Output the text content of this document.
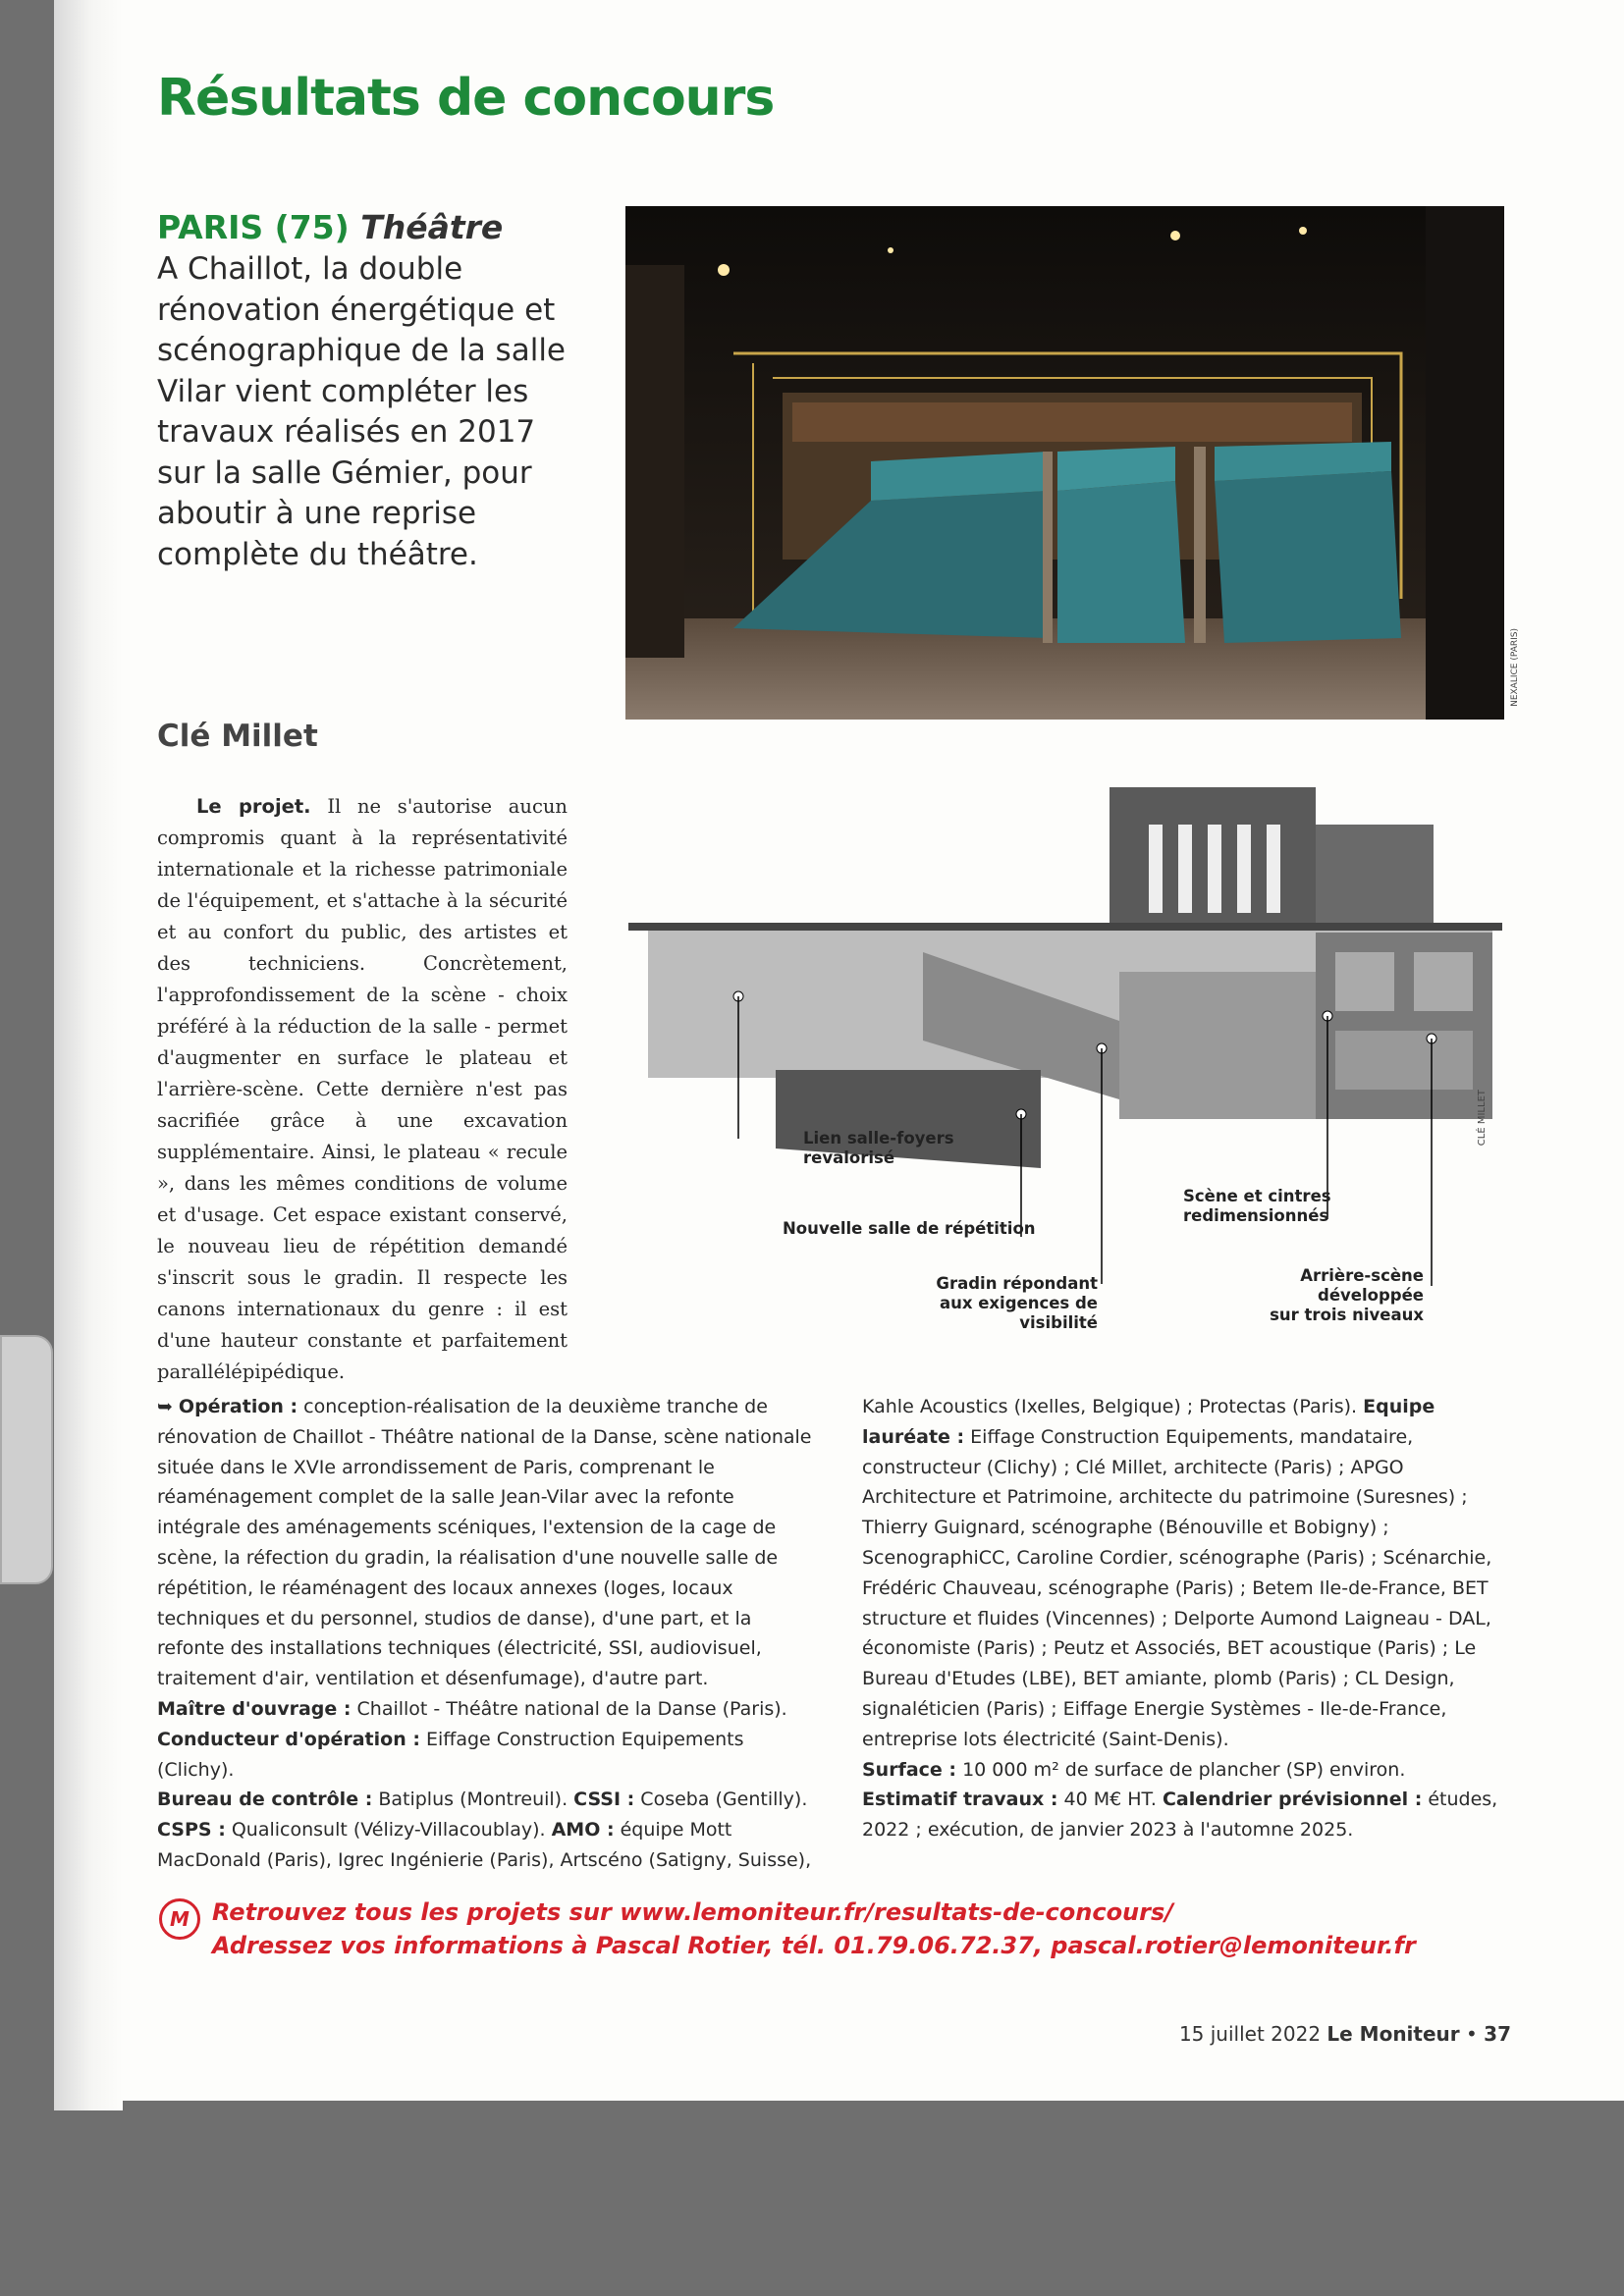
Résultats de concours
PARIS (75) Théâtre
A Chaillot, la double rénovation énergétique et scénographique de la salle Vilar vient compléter les travaux réalisés en 2017 sur la salle Gémier, pour aboutir à une reprise complète du théâtre.
NEXALICE (PARIS)
Clé Millet
Le projet. Il ne s'autorise aucun compromis quant à la représentativité internationale et la richesse patrimoniale de l'équipement, et s'attache à la sécurité et au confort du public, des artistes et des techniciens. Concrètement, l'approfondissement de la scène - choix préféré à la réduction de la salle - permet d'augmenter en surface le plateau et l'arrière-scène. Cette dernière n'est pas sacrifiée grâce à une excavation supplémentaire. Ainsi, le plateau « recule », dans les mêmes conditions de volume et d'usage. Cet espace existant conservé, le nouveau lieu de répétition demandé s'inscrit sous le gradin. Il respecte les canons internationaux du genre : il est d'une hauteur constante et parfaitement parallélépipédique.
CLÉ MILLET
Lien salle-foyers
revalorisé
Nouvelle salle de répétition
Gradin répondant
aux exigences de visibilité
Scène et cintres
redimensionnés
Arrière-scène développée
sur trois niveaux
➥ Opération : conception-réalisation de la deuxième tranche de rénovation de Chaillot - Théâtre national de la Danse, scène nationale située dans le XVIe arrondissement de Paris, comprenant le réaménagement complet de la salle Jean-Vilar avec la refonte intégrale des aménagements scéniques, l'extension de la cage de scène, la réfection du gradin, la réalisation d'une nouvelle salle de répétition, le réaménagent des locaux annexes (loges, locaux techniques et du personnel, studios de danse), d'une part, et la refonte des installations techniques (électricité, SSI, audiovisuel, traitement d'air, ventilation et désenfumage), d'autre part.
Maître d'ouvrage : Chaillot - Théâtre national de la Danse (Paris).
Conducteur d'opération : Eiffage Construction Equipements (Clichy).
Bureau de contrôle : Batiplus (Montreuil). CSSI : Coseba (Gentilly).
CSPS : Qualiconsult (Vélizy-Villacoublay). AMO : équipe Mott MacDonald (Paris), Igrec Ingénierie (Paris), Artscéno (Satigny, Suisse),
Kahle Acoustics (Ixelles, Belgique) ; Protectas (Paris). Equipe lauréate : Eiffage Construction Equipements, mandataire, constructeur (Clichy) ; Clé Millet, architecte (Paris) ; APGO Architecture et Patrimoine, architecte du patrimoine (Suresnes) ; Thierry Guignard, scénographe (Bénouville et Bobigny) ; ScenographiCC, Caroline Cordier, scénographe (Paris) ; Scénarchie, Frédéric Chauveau, scénographe (Paris) ; Betem Ile-de-France, BET structure et fluides (Vincennes) ; Delporte Aumond Laigneau - DAL, économiste (Paris) ; Peutz et Associés, BET acoustique (Paris) ; Le Bureau d'Etudes (LBE), BET amiante, plomb (Paris) ; CL Design, signaléticien (Paris) ; Eiffage Energie Systèmes - Ile-de-France, entreprise lots électricité (Saint-Denis).
Surface : 10 000 m² de surface de plancher (SP) environ.
Estimatif travaux : 40 M€ HT. Calendrier prévisionnel : études, 2022 ; exécution, de janvier 2023 à l'automne 2025.
M Retrouvez tous les projets sur www.lemoniteur.fr/resultats-de-concours/
Adressez vos informations à Pascal Rotier, tél. 01.79.06.72.37, pascal.rotier@lemoniteur.fr
15 juillet 2022 Le Moniteur • 37
